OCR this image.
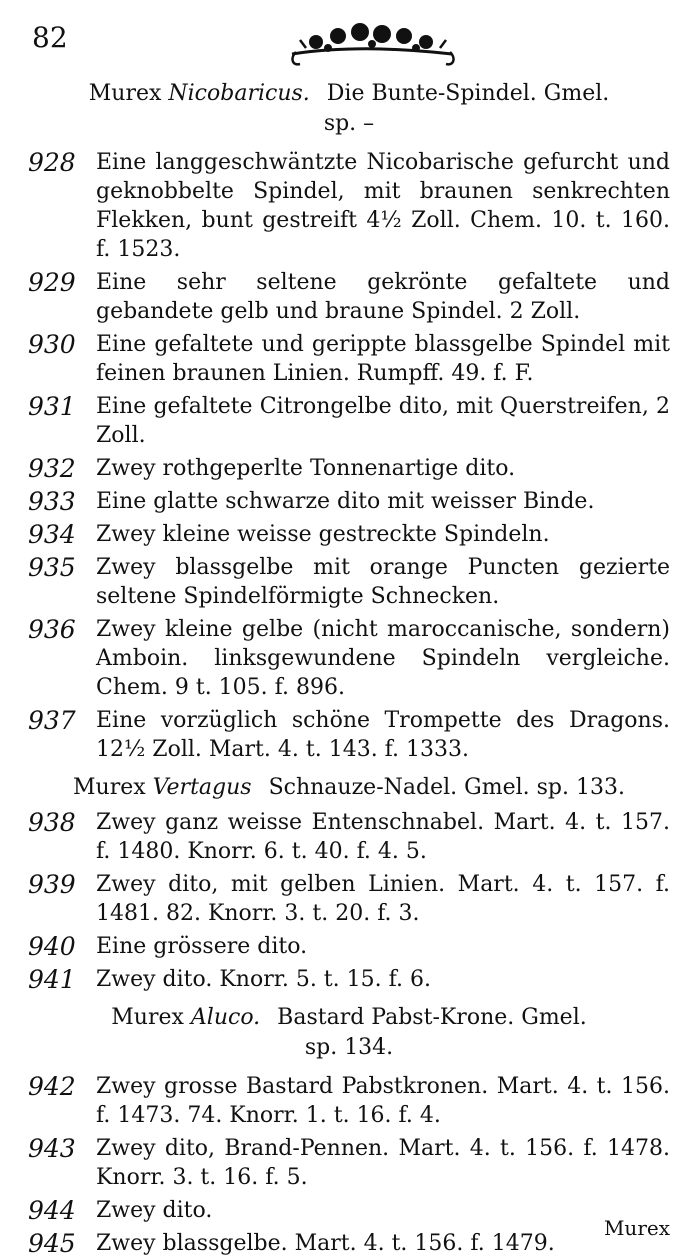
82
Murex Nicobaricus. Die Bunte-Spindel. Gmel.
sp. –
928 Eine langgeschwäntzte Nicobarische gefurcht und geknobbelte Spindel, mit braunen senkrechten Flekken, bunt gestreift 4½ Zoll. Chem. 10. t. 160. f. 1523.
929 Eine sehr seltene gekrönte gefaltete und gebandete gelb und braune Spindel. 2 Zoll.
930 Eine gefaltete und gerippte blassgelbe Spindel mit feinen braunen Linien. Rumpff. 49. f. F.
931 Eine gefaltete Citrongelbe dito, mit Querstreifen, 2 Zoll.
932 Zwey rothgeperlte Tonnenartige dito.
933 Eine glatte schwarze dito mit weisser Binde.
934 Zwey kleine weisse gestreckte Spindeln.
935 Zwey blassgelbe mit orange Puncten gezierte seltene Spindelförmigte Schnecken.
936 Zwey kleine gelbe (nicht maroccanische, sondern) Amboin. linksgewundene Spindeln vergleiche. Chem. 9 t. 105. f. 896.
937 Eine vorzüglich schöne Trompette des Dragons. 12½ Zoll. Mart. 4. t. 143. f. 1333.
Murex Vertagus Schnauze-Nadel. Gmel. sp. 133.
938 Zwey ganz weisse Entenschnabel. Mart. 4. t. 157. f. 1480. Knorr. 6. t. 40. f. 4. 5.
939 Zwey dito, mit gelben Linien. Mart. 4. t. 157. f. 1481. 82. Knorr. 3. t. 20. f. 3.
940 Eine grössere dito.
941 Zwey dito. Knorr. 5. t. 15. f. 6.
Murex Aluco. Bastard Pabst-Krone. Gmel.
sp. 134.
942 Zwey grosse Bastard Pabstkronen. Mart. 4. t. 156. f. 1473. 74. Knorr. 1. t. 16. f. 4.
943 Zwey dito, Brand-Pennen. Mart. 4. t. 156. f. 1478. Knorr. 3. t. 16. f. 5.
944 Zwey dito.
945 Zwey blassgelbe. Mart. 4. t. 156. f. 1479.
Murex
